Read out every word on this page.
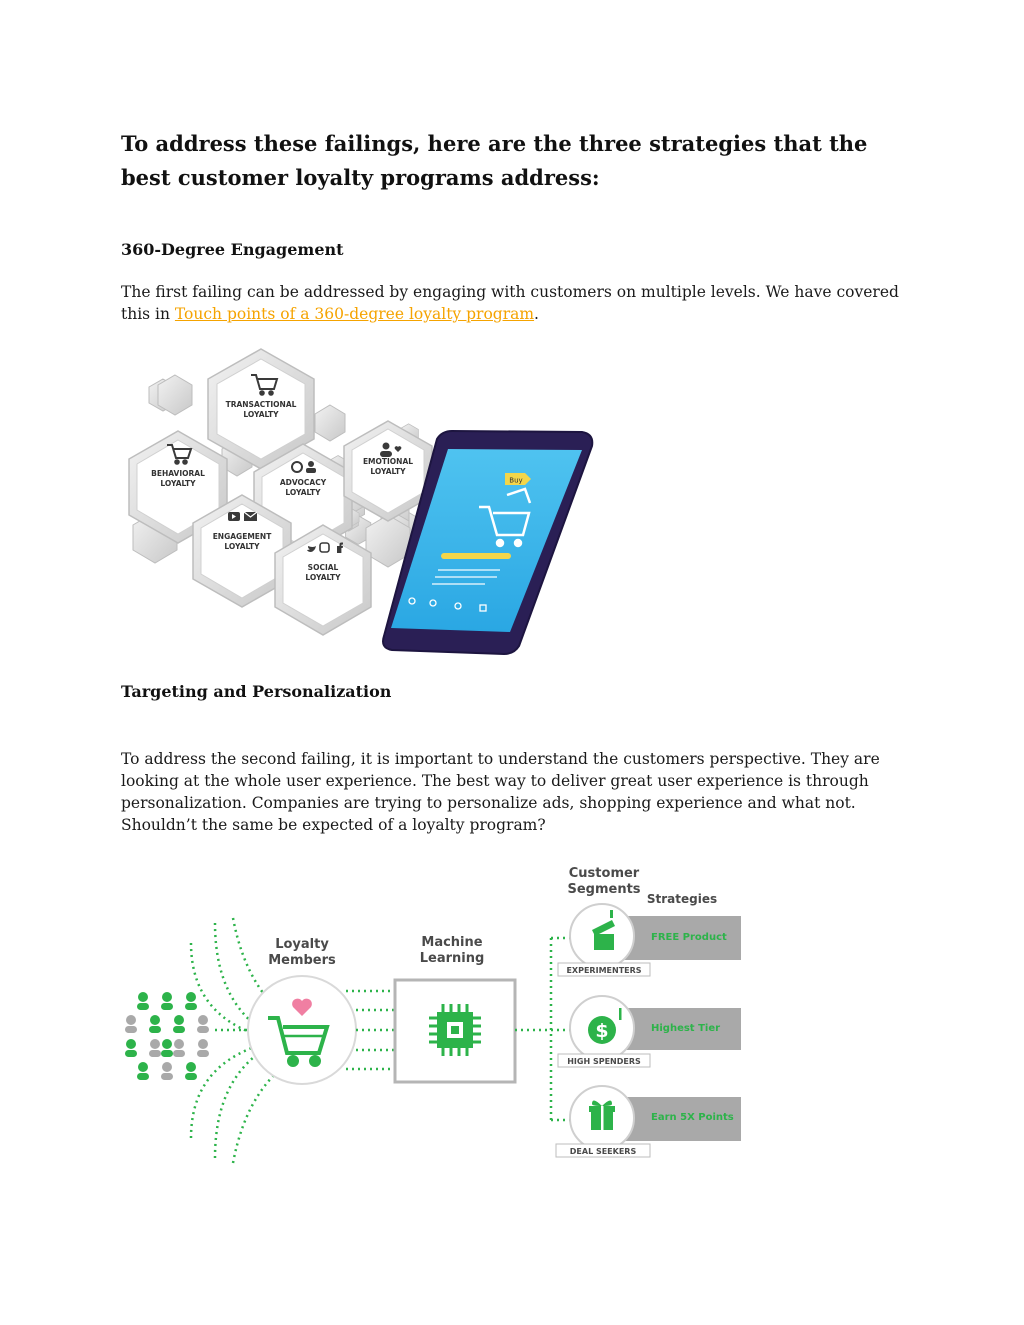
To address these failings, here are the three strategies that the best customer loyalty programs address:
360-Degree Engagement

The first failing can be addressed by engaging with customers on multiple levels. We have covered this in Touch points of a 360-degree loyalty program.

TRANSACTIONAL
LOYALTY
BEHAVIORAL
LOYALTY	ADVOCACY
LOYALTY
EMOTIONAL
LOYALTY
ENGAGEMENT
LOYALTY
SOCIAL
LOYALTY
Buy
Targeting and Personalization

To address the second failing, it is important to understand the customers perspective. They are looking at the whole user experience. The best way to deliver great user experience is through personalization. Companies are trying to personalize ads, shopping experience and what not. Shouldn’t the same be expected of a loyalty program?

Loyalty
Members
Machine
Learning
Customer
Segments
Strategies
FREE Product
EXPERIMENTERS
Highest Tier
$
HIGH SPENDERS
Earn 5X Points
DEAL SEEKERS
